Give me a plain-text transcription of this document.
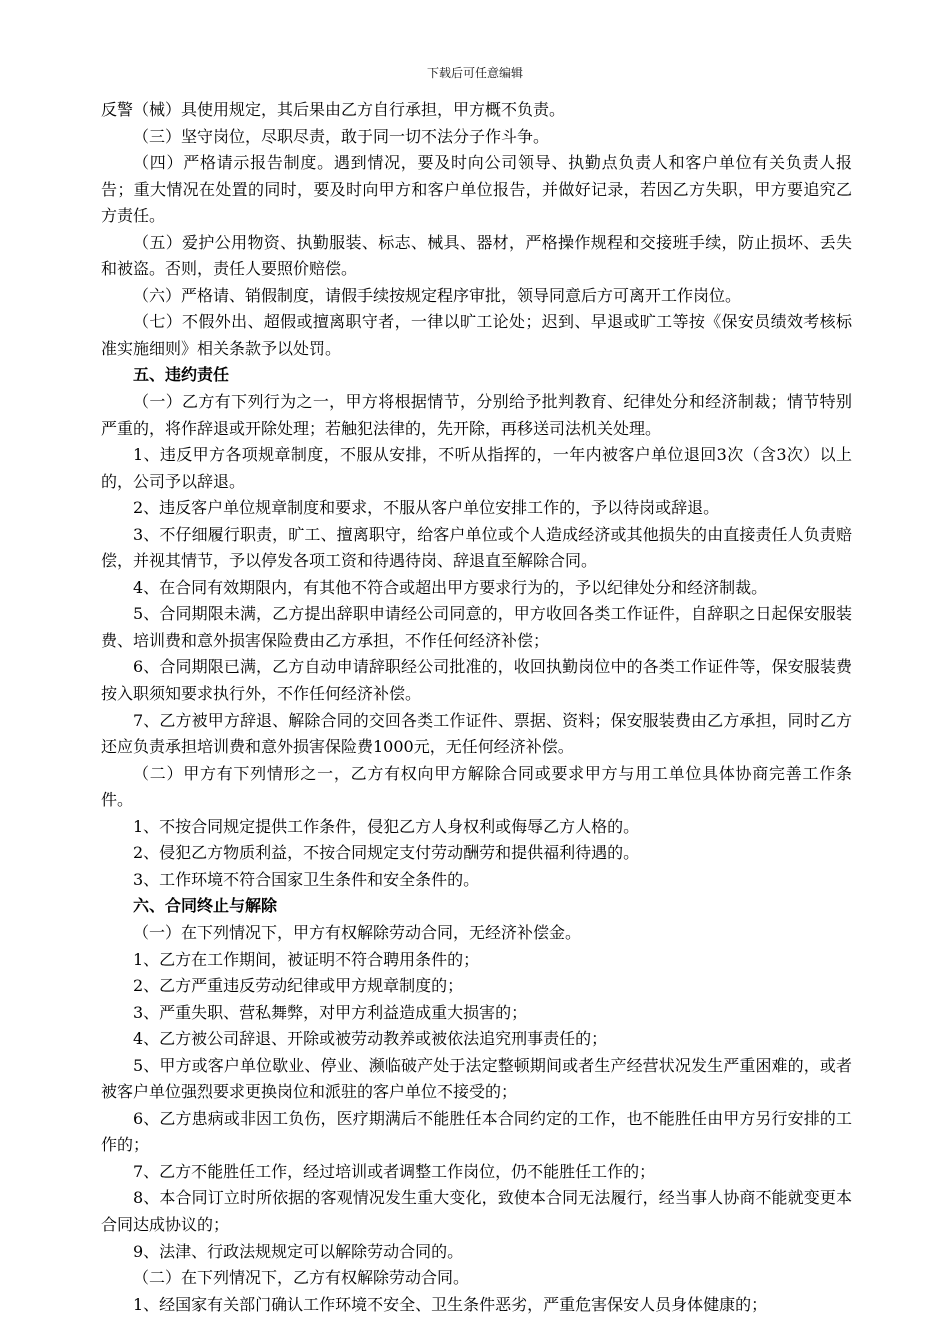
下载后可任意编辑

反警（械）具使用规定，其后果由乙方自行承担，甲方概不负责。

（三）坚守岗位，尽职尽责，敢于同一切不法分子作斗争。

（四）严格请示报告制度。遇到情况，要及时向公司领导、执勤点负责人和客户单位有关负责人报告；重大情况在处置的同时，要及时向甲方和客户单位报告，并做好记录，若因乙方失职，甲方要追究乙方责任。

（五）爱护公用物资、执勤服装、标志、械具、器材，严格操作规程和交接班手续，防止损坏、丢失和被盗。否则，责任人要照价赔偿。

（六）严格请、销假制度，请假手续按规定程序审批，领导同意后方可离开工作岗位。

（七）不假外出、超假或擅离职守者，一律以旷工论处；迟到、早退或旷工等按《保安员绩效考核标准实施细则》相关条款予以处罚。

五、违约责任

（一）乙方有下列行为之一，甲方将根据情节，分别给予批判教育、纪律处分和经济制裁；情节特别严重的，将作辞退或开除处理；若触犯法律的，先开除，再移送司法机关处理。

1、违反甲方各项规章制度，不服从安排，不听从指挥的，一年内被客户单位退回3次（含3次）以上的，公司予以辞退。

2、违反客户单位规章制度和要求，不服从客户单位安排工作的，予以待岗或辞退。

3、不仔细履行职责，旷工、擅离职守，给客户单位或个人造成经济或其他损失的由直接责任人负责赔偿，并视其情节，予以停发各项工资和待遇待岗、辞退直至解除合同。

4、在合同有效期限内，有其他不符合或超出甲方要求行为的，予以纪律处分和经济制裁。

5、合同期限未满，乙方提出辞职申请经公司同意的，甲方收回各类工作证件，自辞职之日起保安服装费、培训费和意外损害保险费由乙方承担，不作任何经济补偿；

6、合同期限已满，乙方自动申请辞职经公司批准的，收回执勤岗位中的各类工作证件等，保安服装费按入职须知要求执行外，不作任何经济补偿。

7、乙方被甲方辞退、解除合同的交回各类工作证件、票据、资料；保安服装费由乙方承担，同时乙方还应负责承担培训费和意外损害保险费1000元，无任何经济补偿。

（二）甲方有下列情形之一，乙方有权向甲方解除合同或要求甲方与用工单位具体协商完善工作条件。

1、不按合同规定提供工作条件，侵犯乙方人身权利或侮辱乙方人格的。

2、侵犯乙方物质利益，不按合同规定支付劳动酬劳和提供福利待遇的。

3、工作环境不符合国家卫生条件和安全条件的。

六、合同终止与解除

（一）在下列情况下，甲方有权解除劳动合同，无经济补偿金。

1、乙方在工作期间，被证明不符合聘用条件的；

2、乙方严重违反劳动纪律或甲方规章制度的；

3、严重失职、营私舞弊，对甲方利益造成重大损害的；

4、乙方被公司辞退、开除或被劳动教养或被依法追究刑事责任的；

5、甲方或客户单位歇业、停业、濒临破产处于法定整顿期间或者生产经营状况发生严重困难的，或者被客户单位强烈要求更换岗位和派驻的客户单位不接受的；

6、乙方患病或非因工负伤，医疗期满后不能胜任本合同约定的工作，也不能胜任由甲方另行安排的工作的；

7、乙方不能胜任工作，经过培训或者调整工作岗位，仍不能胜任工作的；

8、本合同订立时所依据的客观情况发生重大变化，致使本合同无法履行，经当事人协商不能就变更本合同达成协议的；

9、法津、行政法规规定可以解除劳动合同的。

（二）在下列情况下，乙方有权解除劳动合同。

1、经国家有关部门确认工作环境不安全、卫生条件恶劣，严重危害保安人员身体健康的；
